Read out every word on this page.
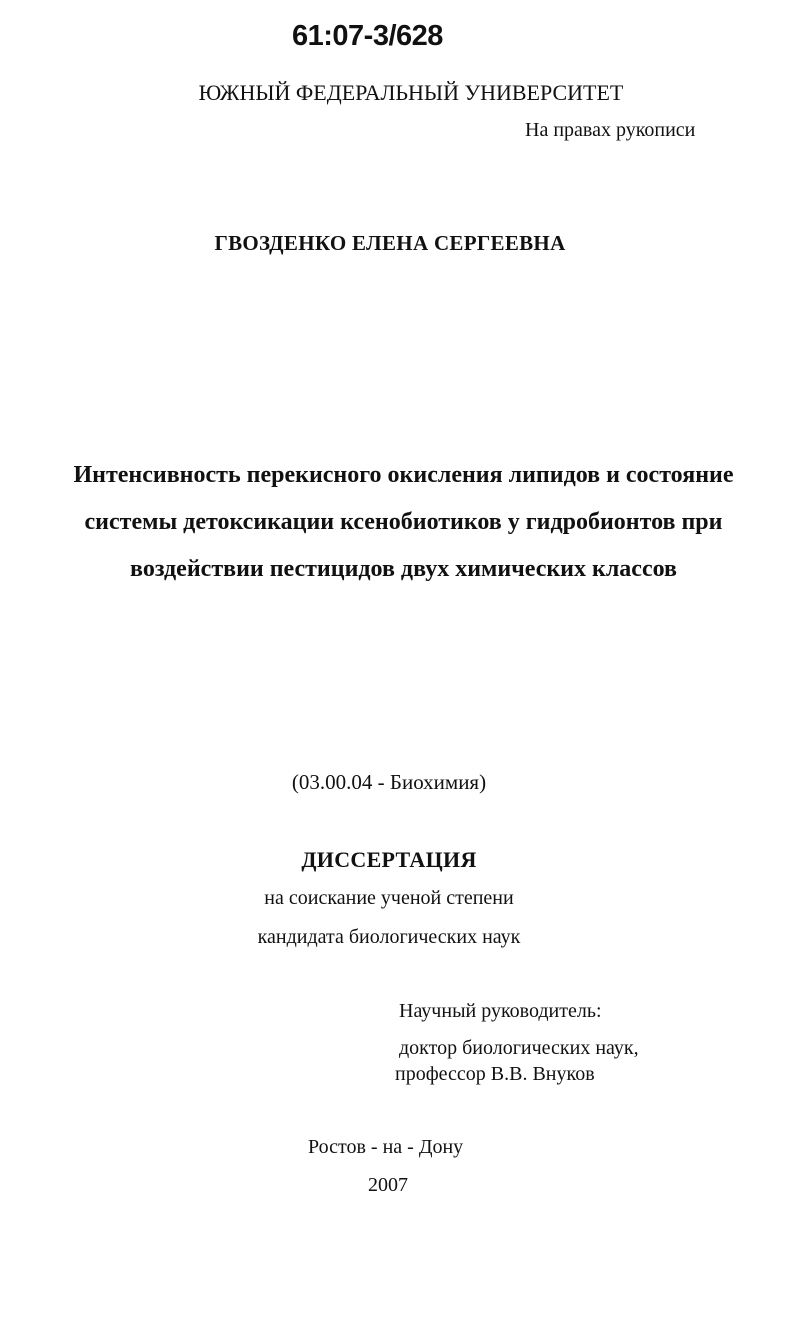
61:07-3/628
ЮЖНЫЙ ФЕДЕРАЛЬНЫЙ УНИВЕРСИТЕТ
На правах рукописи
ГВОЗДЕНКО ЕЛЕНА СЕРГЕЕВНА
Интенсивность перекисного окисления липидов и состояние
системы детоксикации ксенобиотиков у гидробионтов при
воздействии пестицидов двух химических классов
(03.00.04 - Биохимия)
ДИССЕРТАЦИЯ
на соискание ученой степени
кандидата биологических наук
Научный руководитель:
доктор биологических наук,
профессор В.В. Внуков
Ростов - на - Дону
2007
